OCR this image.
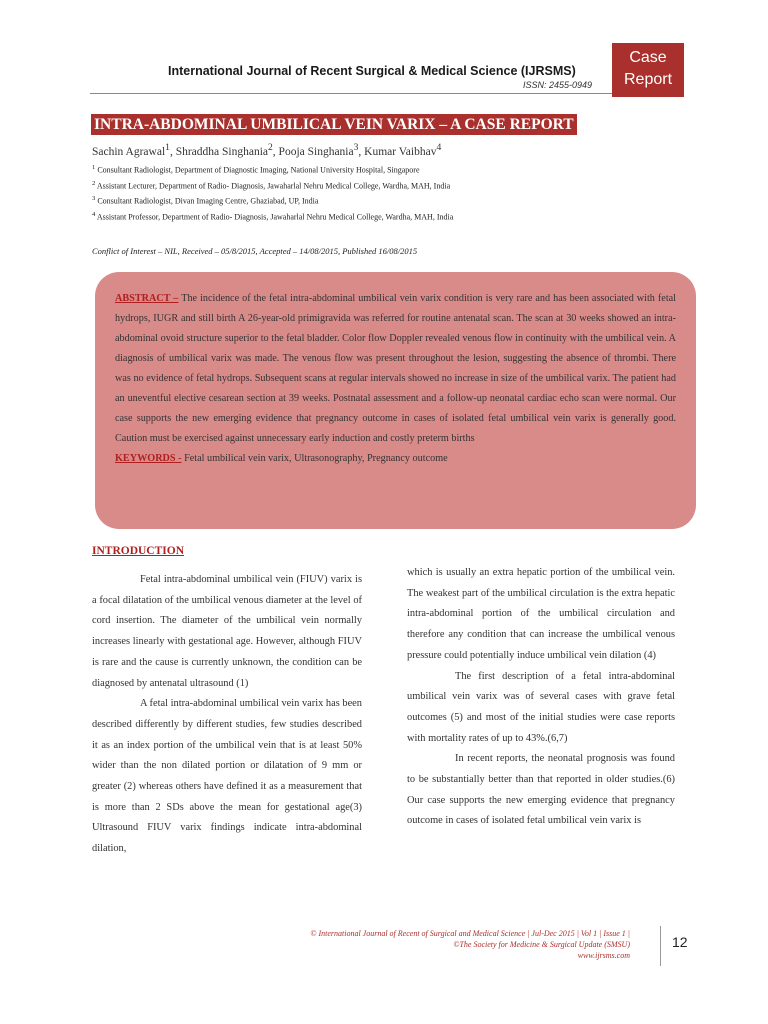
International Journal of Recent Surgical & Medical Science (IJRSMS)
ISSN: 2455-0949
Case
Report
INTRA-ABDOMINAL UMBILICAL VEIN VARIX – A CASE REPORT
Sachin Agrawal$^1$, Shraddha Singhania$^2$, Pooja Singhania$^3$, Kumar Vaibhav$^4$
$^1$ Consultant Radiologist, Department of Diagnostic Imaging, National University Hospital, Singapore
$^2$ Assistant Lecturer, Department of Radio- Diagnosis, Jawaharlal Nehru Medical College, Wardha, MAH, India
$^3$ Consultant Radiologist, Divan Imaging Centre, Ghaziabad, UP, India
$^4$ Assistant Professor, Department of Radio- Diagnosis, Jawaharlal Nehru Medical College, Wardha, MAH, India
Conflict of Interest – NIL, Received – 05/8/2015, Accepted – 14/08/2015, Published 16/08/2015
ABSTRACT – The incidence of the fetal intra-abdominal umbilical vein varix condition is very rare and has been associated with fetal hydrops, IUGR and still birth A 26-year-old primigravida was referred for routine antenatal scan. The scan at 30 weeks showed an intra-abdominal ovoid structure superior to the fetal bladder. Color flow Doppler revealed venous flow in continuity with the umbilical vein. A diagnosis of umbilical varix was made. The venous flow was present throughout the lesion, suggesting the absence of thrombi. There was no evidence of fetal hydrops. Subsequent scans at regular intervals showed no increase in size of the umbilical varix. The patient had an uneventful elective cesarean section at 39 weeks. Postnatal assessment and a follow-up neonatal cardiac echo scan were normal. Our case supports the new emerging evidence that pregnancy outcome in cases of isolated fetal umbilical vein varix is generally good. Caution must be exercised against unnecessary early induction and costly preterm births
KEYWORDS - Fetal umbilical vein varix, Ultrasonography, Pregnancy outcome
INTRODUCTION

Fetal intra-abdominal umbilical vein (FIUV) varix is a focal dilatation of the umbilical venous diameter at the level of cord insertion. The diameter of the umbilical vein normally increases linearly with gestational age. However, although FIUV is rare and the cause is currently unknown, the condition can be diagnosed by antenatal ultrasound (1)

A fetal intra-abdominal umbilical vein varix has been described differently by different studies, few studies described it as an index portion of the umbilical vein that is at least 50% wider than the non dilated portion or dilatation of 9 mm or greater (2) whereas others have defined it as a measurement that is more than 2 SDs above the mean for gestational age(3) Ultrasound FIUV varix findings indicate intra-abdominal dilation,

which is usually an extra hepatic portion of the umbilical vein. The weakest part of the umbilical circulation is the extra hepatic intra-abdominal portion of the umbilical circulation and therefore any condition that can increase the umbilical venous pressure could potentially induce umbilical vein dilation (4)

The first description of a fetal intra-abdominal umbilical vein varix was of several cases with grave fetal outcomes (5) and most of the initial studies were case reports with mortality rates of up to 43%.(6,7)

In recent reports, the neonatal prognosis was found to be substantially better than that reported in older studies.(6) Our case supports the new emerging evidence that pregnancy outcome in cases of isolated fetal umbilical vein varix is

© International Journal of Recent of Surgical and Medical Science | Jul-Dec 2015 | Vol 1 | Issue 1 |
©The Society for Medicine & Surgical Update (SMSU)
www.ijrsms.com
12
